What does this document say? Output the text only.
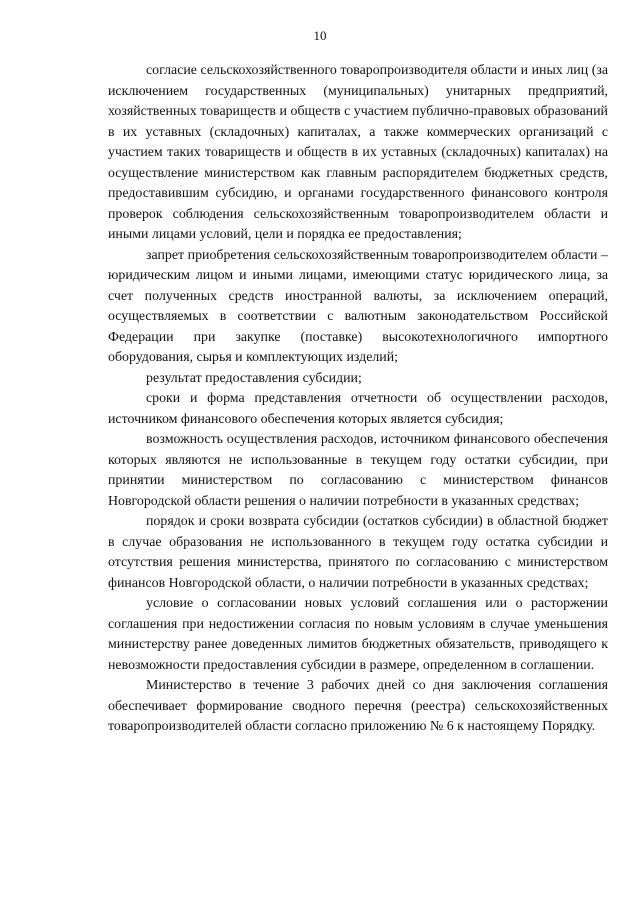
10

согласие сельскохозяйственного товаропроизводителя области и иных лиц (за исключением государственных (муниципальных) унитарных предприятий, хозяйственных товариществ и обществ с участием публично-правовых образований в их уставных (складочных) капиталах, а также коммерческих организаций с участием таких товариществ и обществ в их уставных (складочных) капиталах) на осуществление министерством как главным распорядителем бюджетных средств, предоставившим субсидию, и органами государственного финансового контроля проверок соблюдения сельскохозяйственным товаропроизводителем области и иными лицами условий, цели и порядка ее предоставления;

запрет приобретения сельскохозяйственным товаропроизводителем области – юридическим лицом и иными лицами, имеющими статус юридического лица, за счет полученных средств иностранной валюты, за исключением операций, осуществляемых в соответствии с валютным законодательством Российской Федерации при закупке (поставке) высокотехнологичного импортного оборудования, сырья и комплектующих изделий;

результат предоставления субсидии;

сроки и форма представления отчетности об осуществлении расходов, источником финансового обеспечения которых является субсидия;

возможность осуществления расходов, источником финансового обеспечения которых являются не использованные в текущем году остатки субсидии, при принятии министерством по согласованию с министерством финансов Новгородской области решения о наличии потребности в указанных средствах;

порядок и сроки возврата субсидии (остатков субсидии) в областной бюджет в случае образования не использованного в текущем году остатка субсидии и отсутствия решения министерства, принятого по согласованию с министерством финансов Новгородской области, о наличии потребности в указанных средствах;

условие о согласовании новых условий соглашения или о расторжении соглашения при недостижении согласия по новым условиям в случае уменьшения министерству ранее доведенных лимитов бюджетных обязательств, приводящего к невозможности предоставления субсидии в размере, определенном в соглашении.

Министерство в течение 3 рабочих дней со дня заключения соглашения обеспечивает формирование сводного перечня (реестра) сельскохозяйственных товаропроизводителей области согласно приложению № 6 к настоящему Порядку.
